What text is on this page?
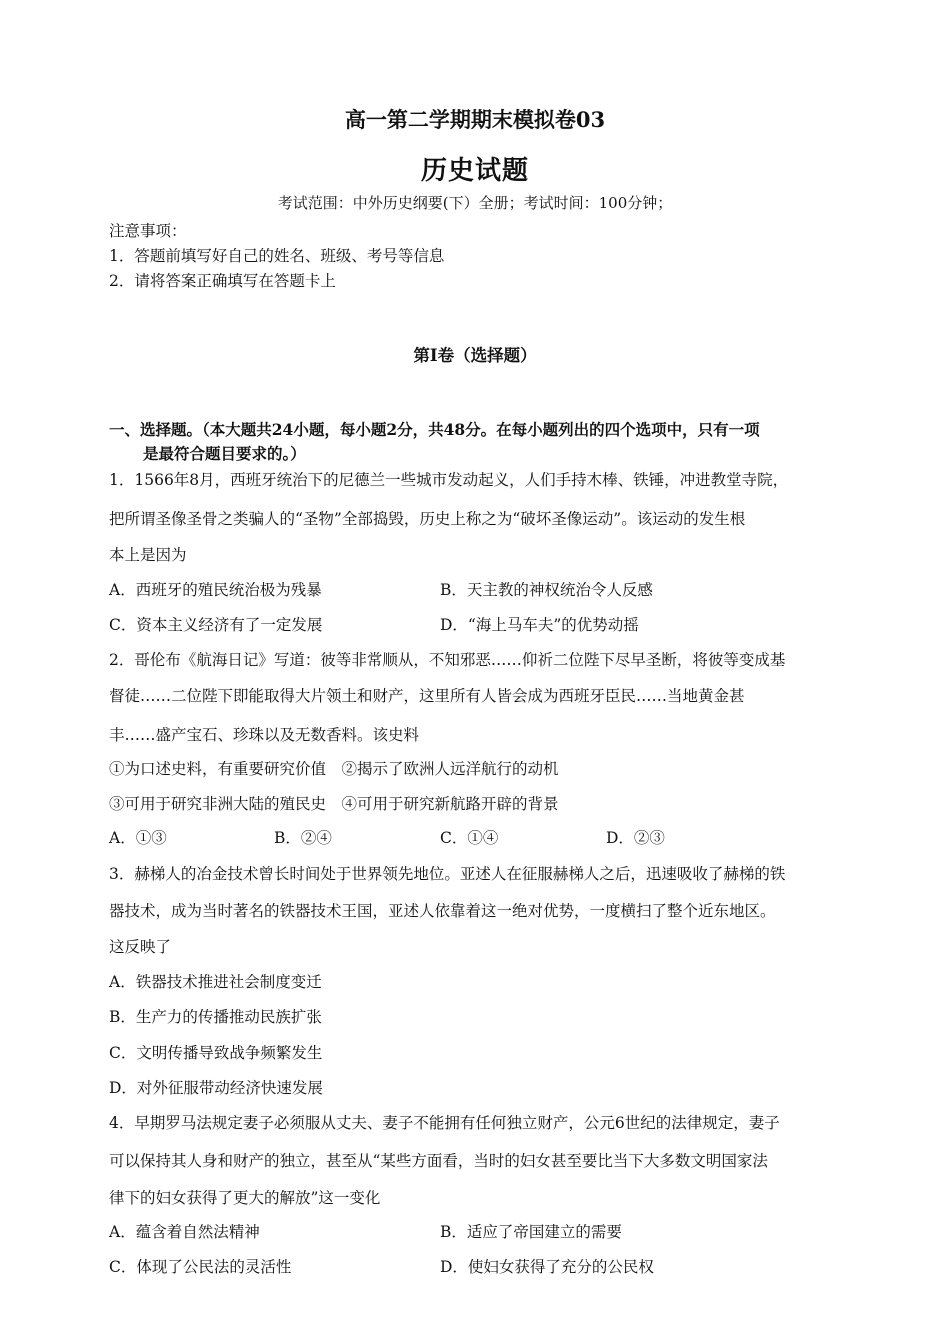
高一第二学期期末模拟卷03
历史试题
考试范围：中外历史纲要(下）全册；考试时间：100分钟；
注意事项：
1．答题前填写好自己的姓名、班级、考号等信息
2．请将答案正确填写在答题卡上
第I卷（选择题）
一、选择题。（本大题共24小题，每小题2分，共48分。在每小题列出的四个选项中，只有一项
是最符合题目要求的。）
1．1566年8月，西班牙统治下的尼德兰一些城市发动起义，人们手持木棒、铁锤，冲进教堂寺院，
把所谓圣像圣骨之类骗人的“圣物”全部捣毁，历史上称之为“破坏圣像运动”。该运动的发生根
本上是因为
A．西班牙的殖民统治极为残暴	B．天主教的神权统治令人反感
C．资本主义经济有了一定发展	D．“海上马车夫”的优势动摇
2．哥伦布《航海日记》写道：彼等非常顺从，不知邪恶……仰祈二位陛下尽早圣断，将彼等变成基
督徒……二位陛下即能取得大片领土和财产，这里所有人皆会成为西班牙臣民……当地黄金甚
丰……盛产宝石、珍珠以及无数香料。该史料
①为口述史料，有重要研究价值　②揭示了欧洲人远洋航行的动机
③可用于研究非洲大陆的殖民史　④可用于研究新航路开辟的背景
A．①③	B．②④	C．①④	D．②③
3．赫梯人的冶金技术曾长时间处于世界领先地位。亚述人在征服赫梯人之后，迅速吸收了赫梯的铁
器技术，成为当时著名的铁器技术王国，亚述人依靠着这一绝对优势，一度横扫了整个近东地区。
这反映了
A．铁器技术推进社会制度变迁
B．生产力的传播推动民族扩张
C．文明传播导致战争频繁发生
D．对外征服带动经济快速发展
4．早期罗马法规定妻子必须服从丈夫、妻子不能拥有任何独立财产，公元6世纪的法律规定，妻子
可以保持其人身和财产的独立，甚至从“某些方面看，当时的妇女甚至要比当下大多数文明国家法
律下的妇女获得了更大的解放”这一变化
A．蕴含着自然法精神	B．适应了帝国建立的需要
C．体现了公民法的灵活性	D．使妇女获得了充分的公民权
